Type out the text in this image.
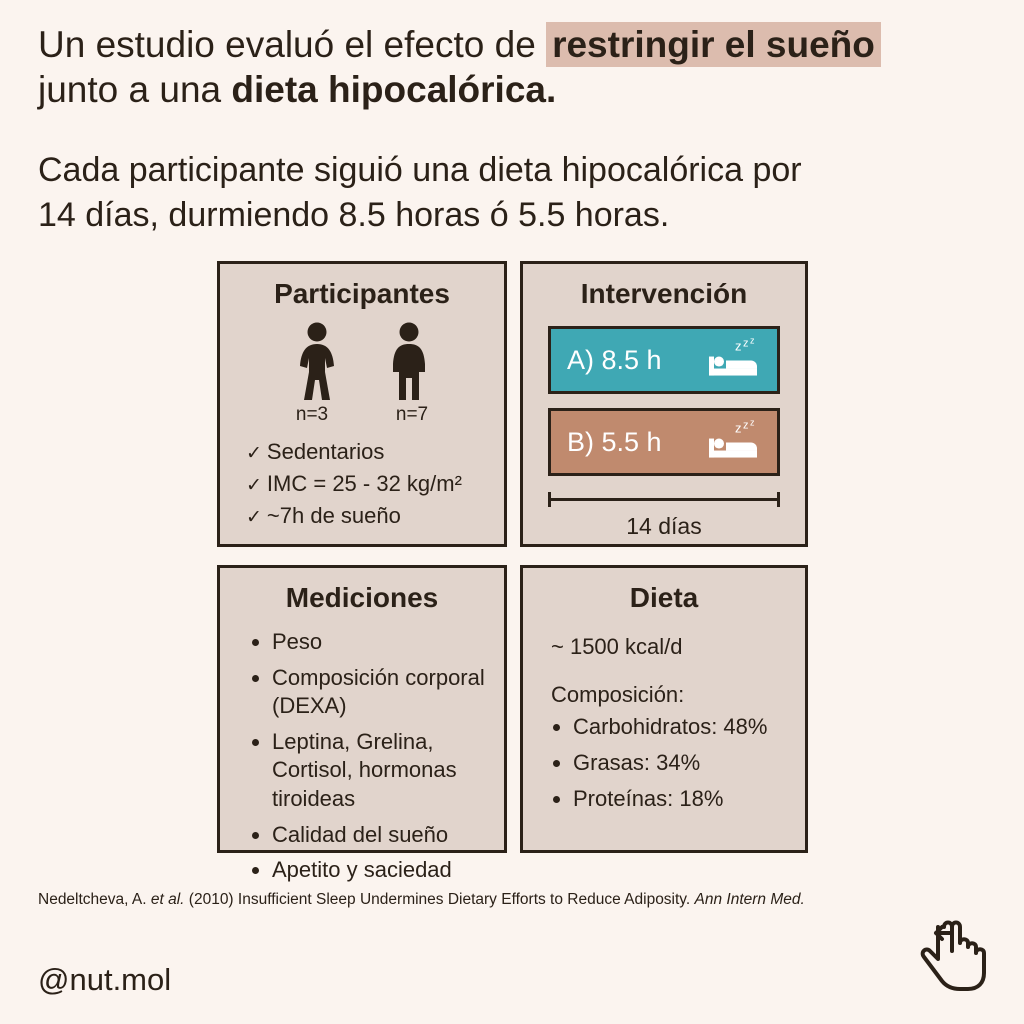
Un estudio evaluó el efecto de restringir el sueño
junto a una dieta hipocalórica.
Cada participante siguió una dieta hipocalórica por
14 días, durmiendo 8.5 horas ó 5.5 horas.
Participantes
n=3	n=7
✓ Sedentarios
✓ IMC = 25 - 32 kg/m²
✓ ~7h de sueño
Intervención
A) 8.5 h	z z z
B) 5.5 h	z z z
14 días
Mediciones
• Peso
• Composición corporal (DEXA)
• Leptina, Grelina, Cortisol, hormonas tiroideas
• Calidad del sueño
• Apetito y saciedad
Dieta
~ 1500 kcal/d
Composición:
• Carbohidratos: 48%
• Grasas: 34%
• Proteínas: 18%
Nedeltcheva, A. et al. (2010) Insufficient Sleep Undermines Dietary Efforts to Reduce Adiposity. Ann Intern Med.
@nut.mol
